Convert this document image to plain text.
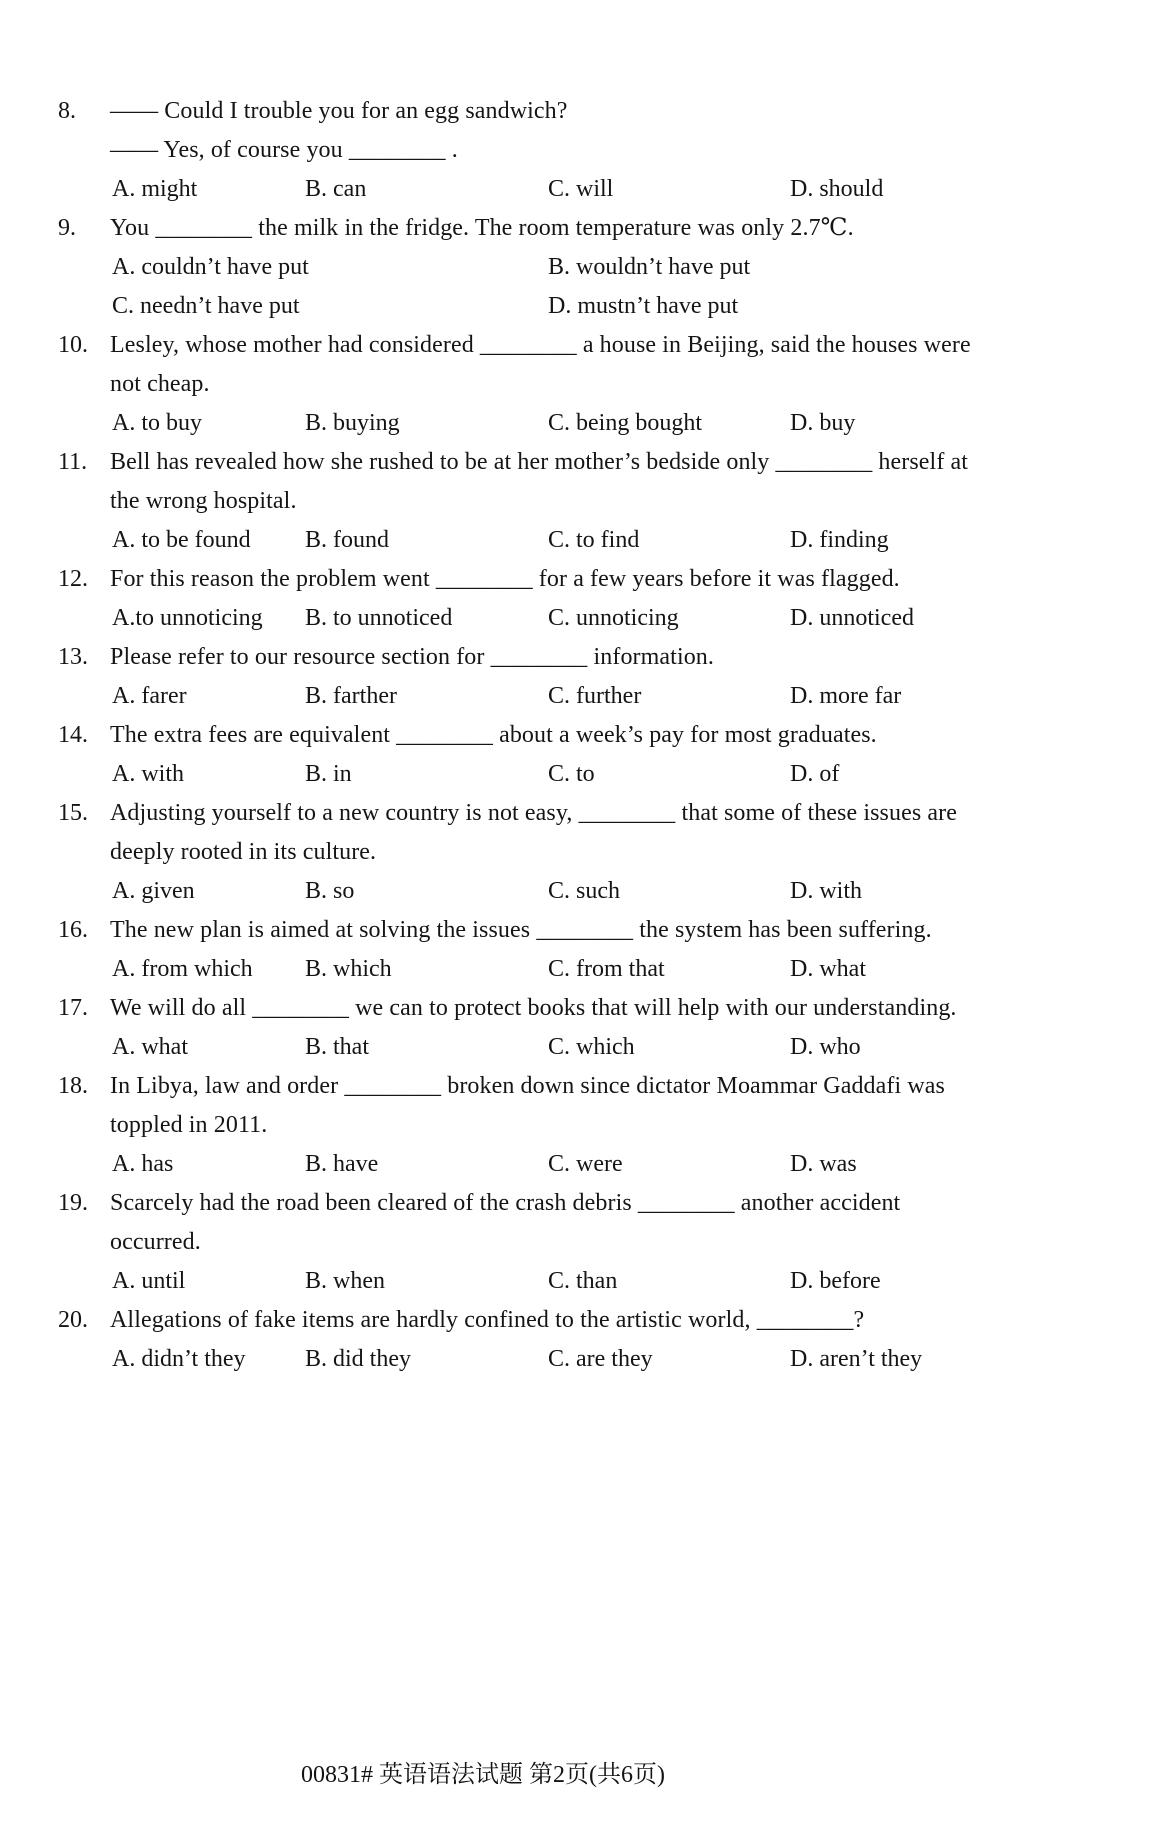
8. —— Could I trouble you for an egg sandwich?
—— Yes, of course you ________ .
A. might	B. can	C. will	D. should
9. You ________ the milk in the fridge. The room temperature was only 2.7℃.
A. couldn’t have put	B. wouldn’t have put
C. needn’t have put	D. mustn’t have put
10. Lesley, whose mother had considered ________ a house in Beijing, said the houses were
not cheap.
A. to buy	B. buying	C. being bought	D. buy
11. Bell has revealed how she rushed to be at her mother’s bedside only ________ herself at
the wrong hospital.
A. to be found	B. found	C. to find	D. finding
12. For this reason the problem went ________ for a few years before it was flagged.
A.to unnoticing	B. to unnoticed	C. unnoticing	D. unnoticed
13. Please refer to our resource section for ________ information.
A. farer	B. farther	C. further	D. more far
14. The extra fees are equivalent ________ about a week’s pay for most graduates.
A. with	B. in	C. to	D. of
15. Adjusting yourself to a new country is not easy, ________ that some of these issues are
deeply rooted in its culture.
A. given	B. so	C. such	D. with
16. The new plan is aimed at solving the issues ________ the system has been suffering.
A. from which	B. which	C. from that	D. what
17. We will do all ________ we can to protect books that will help with our understanding.
A. what	B. that	C. which	D. who
18. In Libya, law and order ________ broken down since dictator Moammar Gaddafi was
toppled in 2011.
A. has	B. have	C. were	D. was
19. Scarcely had the road been cleared of the crash debris ________ another accident
occurred.
A. until	B. when	C. than	D. before
20. Allegations of fake items are hardly confined to the artistic world, ________?
A. didn’t they	B. did they	C. are they	D. aren’t they
00831# 英语语法试题 第2页(共6页)
